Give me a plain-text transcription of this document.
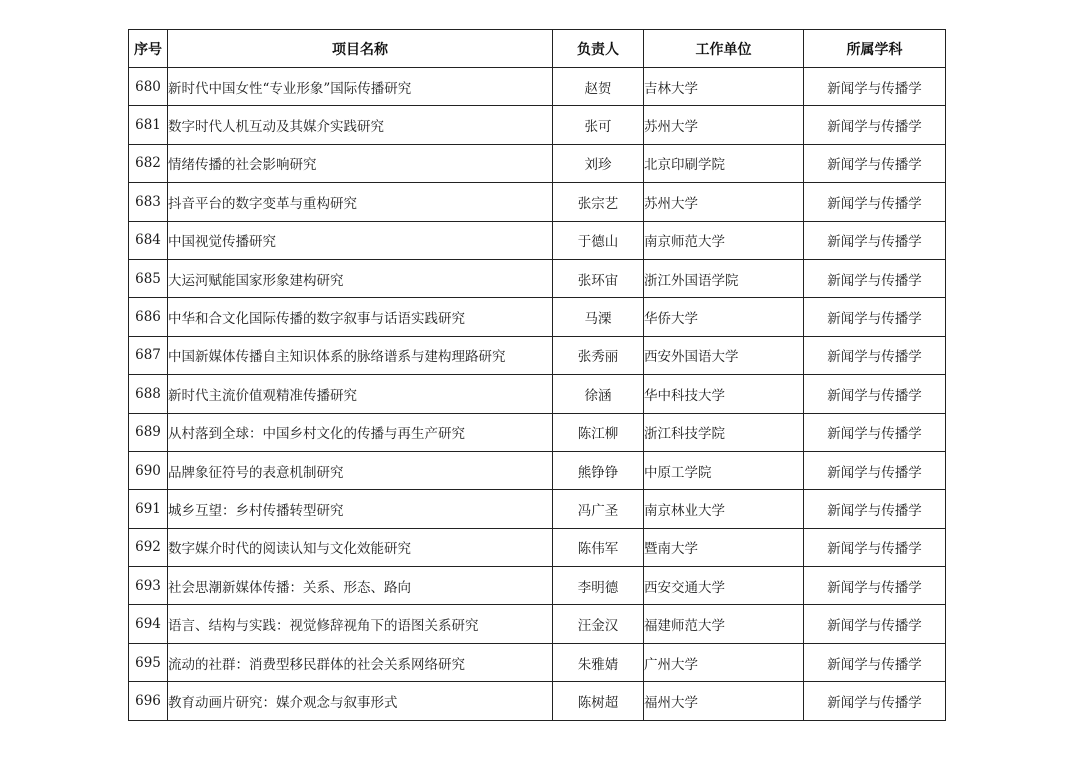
序号	项目名称	负责人	工作单位	所属学科
680	新时代中国女性“专业形象”国际传播研究	赵贺	吉林大学	新闻学与传播学
681	数字时代人机互动及其媒介实践研究	张可	苏州大学	新闻学与传播学
682	情绪传播的社会影响研究	刘珍	北京印刷学院	新闻学与传播学
683	抖音平台的数字变革与重构研究	张宗艺	苏州大学	新闻学与传播学
684	中国视觉传播研究	于德山	南京师范大学	新闻学与传播学
685	大运河赋能国家形象建构研究	张环宙	浙江外国语学院	新闻学与传播学
686	中华和合文化国际传播的数字叙事与话语实践研究	马溧	华侨大学	新闻学与传播学
687	中国新媒体传播自主知识体系的脉络谱系与建构理路研究	张秀丽	西安外国语大学	新闻学与传播学
688	新时代主流价值观精准传播研究	徐涵	华中科技大学	新闻学与传播学
689	从村落到全球：中国乡村文化的传播与再生产研究	陈江柳	浙江科技学院	新闻学与传播学
690	品牌象征符号的表意机制研究	熊铮铮	中原工学院	新闻学与传播学
691	城乡互望：乡村传播转型研究	冯广圣	南京林业大学	新闻学与传播学
692	数字媒介时代的阅读认知与文化效能研究	陈伟军	暨南大学	新闻学与传播学
693	社会思潮新媒体传播：关系、形态、路向	李明德	西安交通大学	新闻学与传播学
694	语言、结构与实践：视觉修辞视角下的语图关系研究	汪金汉	福建师范大学	新闻学与传播学
695	流动的社群：消费型移民群体的社会关系网络研究	朱雅婧	广州大学	新闻学与传播学
696	教育动画片研究：媒介观念与叙事形式	陈树超	福州大学	新闻学与传播学
